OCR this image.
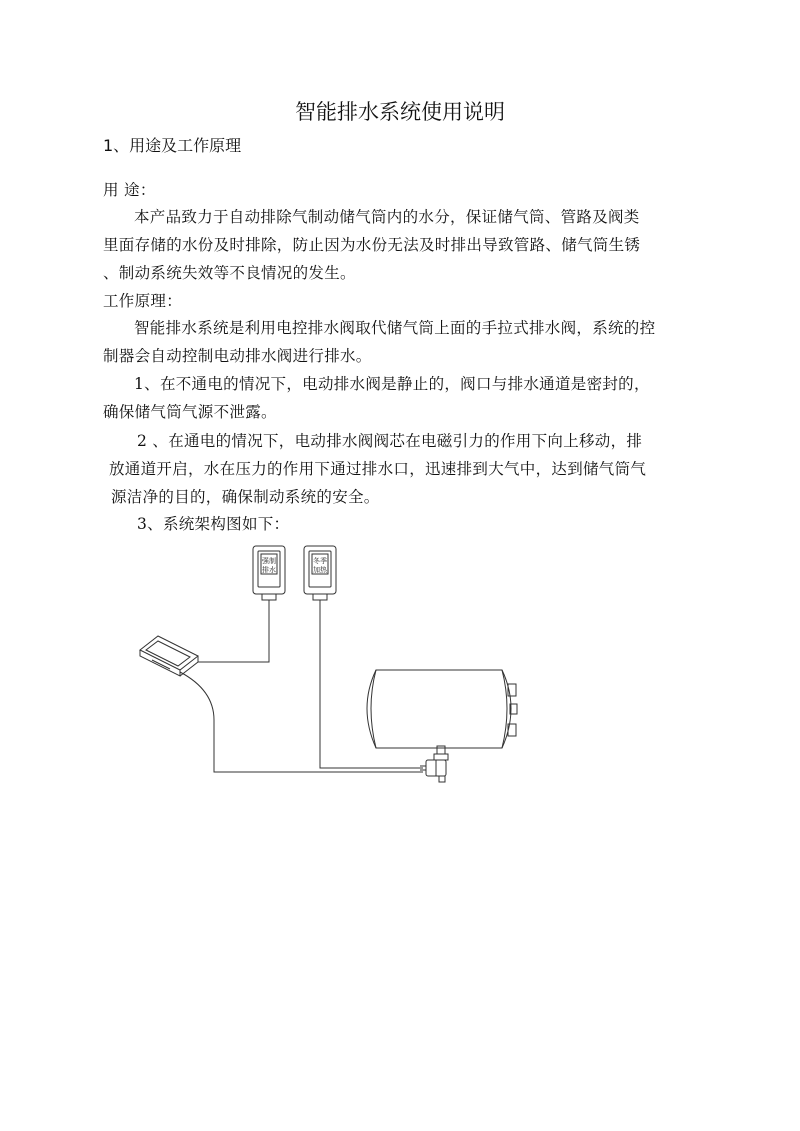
智能排水系统使用说明
1、用途及工作原理
用 途：
本产品致力于自动排除气制动储气筒内的水分，保证储气筒、管路及阀类
里面存储的水份及时排除，防止因为水份无法及时排出导致管路、储气筒生锈
、制动系统失效等不良情况的发生。
工作原理：
智能排水系统是利用电控排水阀取代储气筒上面的手拉式排水阀，系统的控
制器会自动控制电动排水阀进行排水。
1、在不通电的情况下，电动排水阀是静止的，阀口与排水通道是密封的，
确保储气筒气源不泄露。
2 、在通电的情况下，电动排水阀阀芯在电磁引力的作用下向上移动，排
放通道开启，水在压力的作用下通过排水口，迅速排到大气中，达到储气筒气
源洁净的目的，确保制动系统的安全。
3、系统架构图如下：
强制
排水
冬季
加热
